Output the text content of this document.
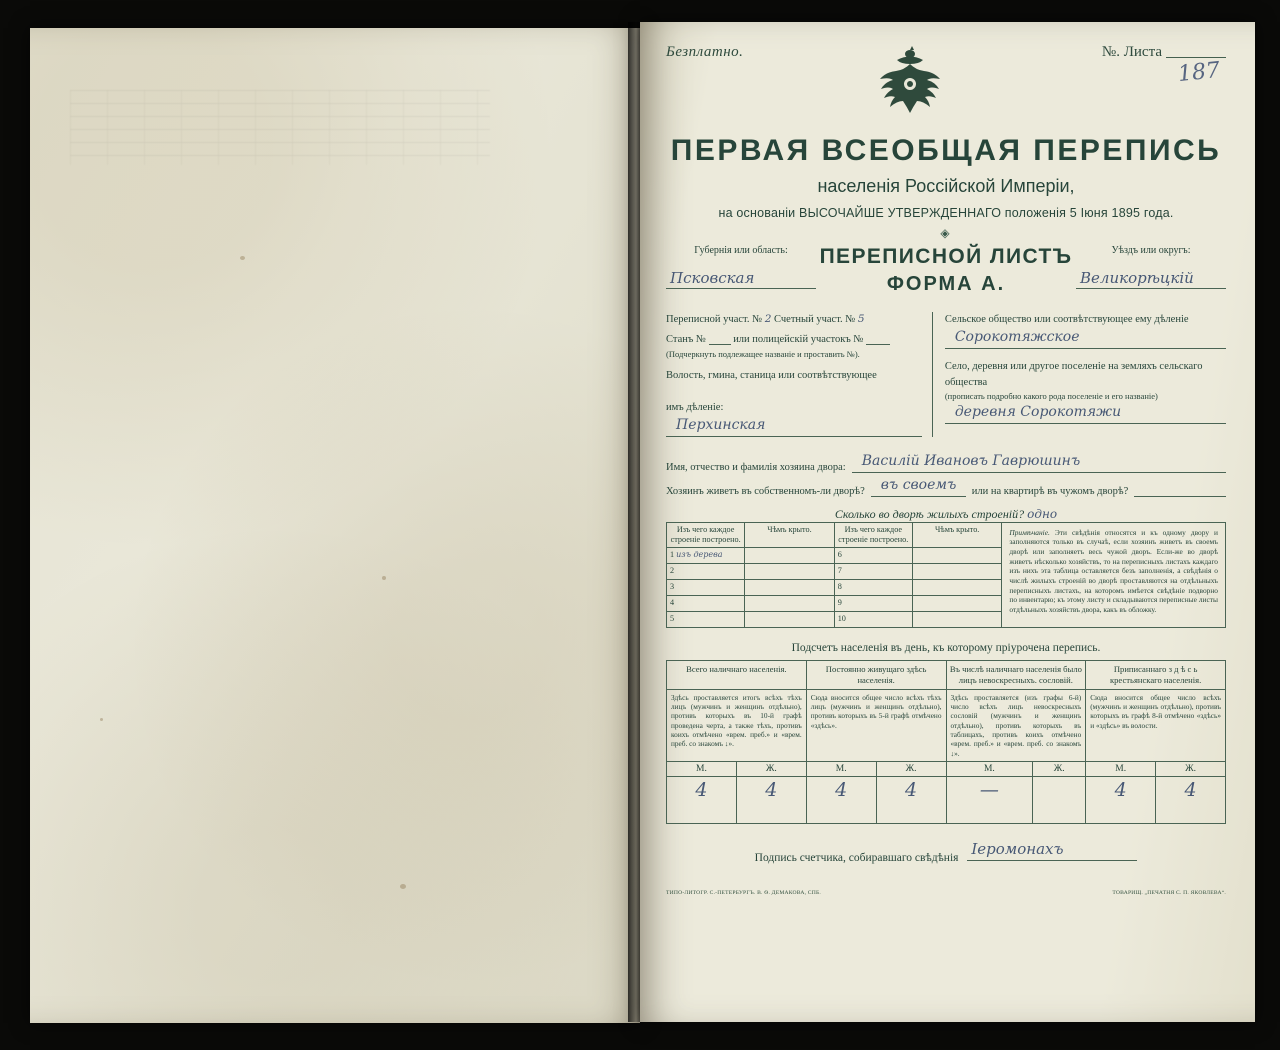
Безплатно.	№. Листа
187
ПЕРВАЯ ВСЕОБЩАЯ ПЕРЕПИСЬ
населенія Россійской Имперіи,
на основаніи ВЫСОЧАЙШЕ УТВЕРЖДЕННАГО положенія 5 Іюня 1895 года.
◈
Губернія или область:
Псковская
ПЕРЕПИСНОЙ ЛИСТЪ
ФОРМА А.
Уѣздъ или округъ:
Великорѣцкій
Переписной участ. № 2 Счетный участ. № 5
Станъ №	или полицейскій участокъ №
(Подчеркнуть подлежащее названіе и проставить №).
Волость, гмина, станица или соотвѣтствующее
имъ дѣленіе:
Перхинская
Сельское общество или соотвѣтствующее ему дѣленіе
Сорокотяжское
Село, деревня или другое поселеніе на земляхъ сельскаго общества
(прописать подробно какого рода поселеніе и его названіе)
деревня Сорокотяжи
Имя, отчество и фамилія хозяина двора: Василій Ивановъ Гаврюшинъ
Хозяинъ живетъ въ собственномъ-ли дворѣ? въ своемъ или на квартирѣ въ чужомъ дворѣ?
Сколько во дворѣ жилыхъ строеній? одно
Изъ чего каждое строеніе построено.	Чѣмъ крыто.	Изъ чего каждое строеніе построено.	Чѣмъ крыто.	Примѣчаніе. Эти свѣдѣнія относятся и къ одному двору и заполняются только въ случаѣ, если хозяинъ живетъ въ своемъ дворѣ или заполняетъ весь чужой дворъ. Если-же во дворѣ живетъ нѣсколько хозяйствъ, то на переписныхъ листахъ каждаго изъ нихъ эта таблица оставляется безъ заполненія, а свѣдѣнія о числѣ жилыхъ строеній во дворѣ проставляются на отдѣльныхъ переписныхъ листахъ, на которомъ имѣется свѣдѣніе подворно по инвентарю; къ этому листу и складываются переписные листы отдѣльныхъ хозяйствъ двора, какъ въ обложку.

1 изъ дерева		6		
2		7		
3		8		
4		9		
5		10		
Подсчетъ населенія въ день, къ которому пріурочена перепись.
Всего наличнаго населенія.		Постоянно живущаго здѣсь населенія.		Въ числѣ наличнаго населенія было лицъ невоскресныхъ. сословій.		Приписаннаго з д ѣ с ь крестьянскаго населенія.	
Здѣсь проставляется итогъ всѣхъ тѣхъ лицъ (мужчинъ и женщинъ отдѣльно), противъ которыхъ въ 10-й графѣ проведена черта, а также тѣхъ, противъ коихъ отмѣчено «врем. преб.» и «врем. преб. со знакомъ ↓».		Сюда вносится общее число всѣхъ тѣхъ лицъ (мужчинъ и женщинъ отдѣльно), противъ которыхъ въ 5-й графѣ отмѣчено «здѣсь».		Здѣсь проставляется (изъ графы 6-й) число всѣхъ лицъ невоскресныхъ сословій (мужчинъ и женщинъ отдѣльно), противъ которыхъ въ таблицахъ, противъ коихъ отмѣчено «врем. преб.» и «врем. преб. со знакомъ ↓».		Сюда вносится общее число всѣхъ (мужчинъ и женщинъ отдѣльно), противъ которыхъ въ графѣ 8-й отмѣчено «здѣсь» и «здѣсь» въ волости.	
М.	Ж.	М.	Ж.	М.	Ж.	М.	Ж.
4	4	4	4	—		4	4
Подпись счетчика, собиравшаго свѣдѣнія Іеромонахъ
ТИПО-ЛИТОГР. С.-ПЕТЕРБУРГЪ. В. Ѳ. ДЕМАКОВА, СПБ.	ТОВАРИЩ. „ПЕЧАТНЯ С. П. ЯКОВЛЕВА“.
